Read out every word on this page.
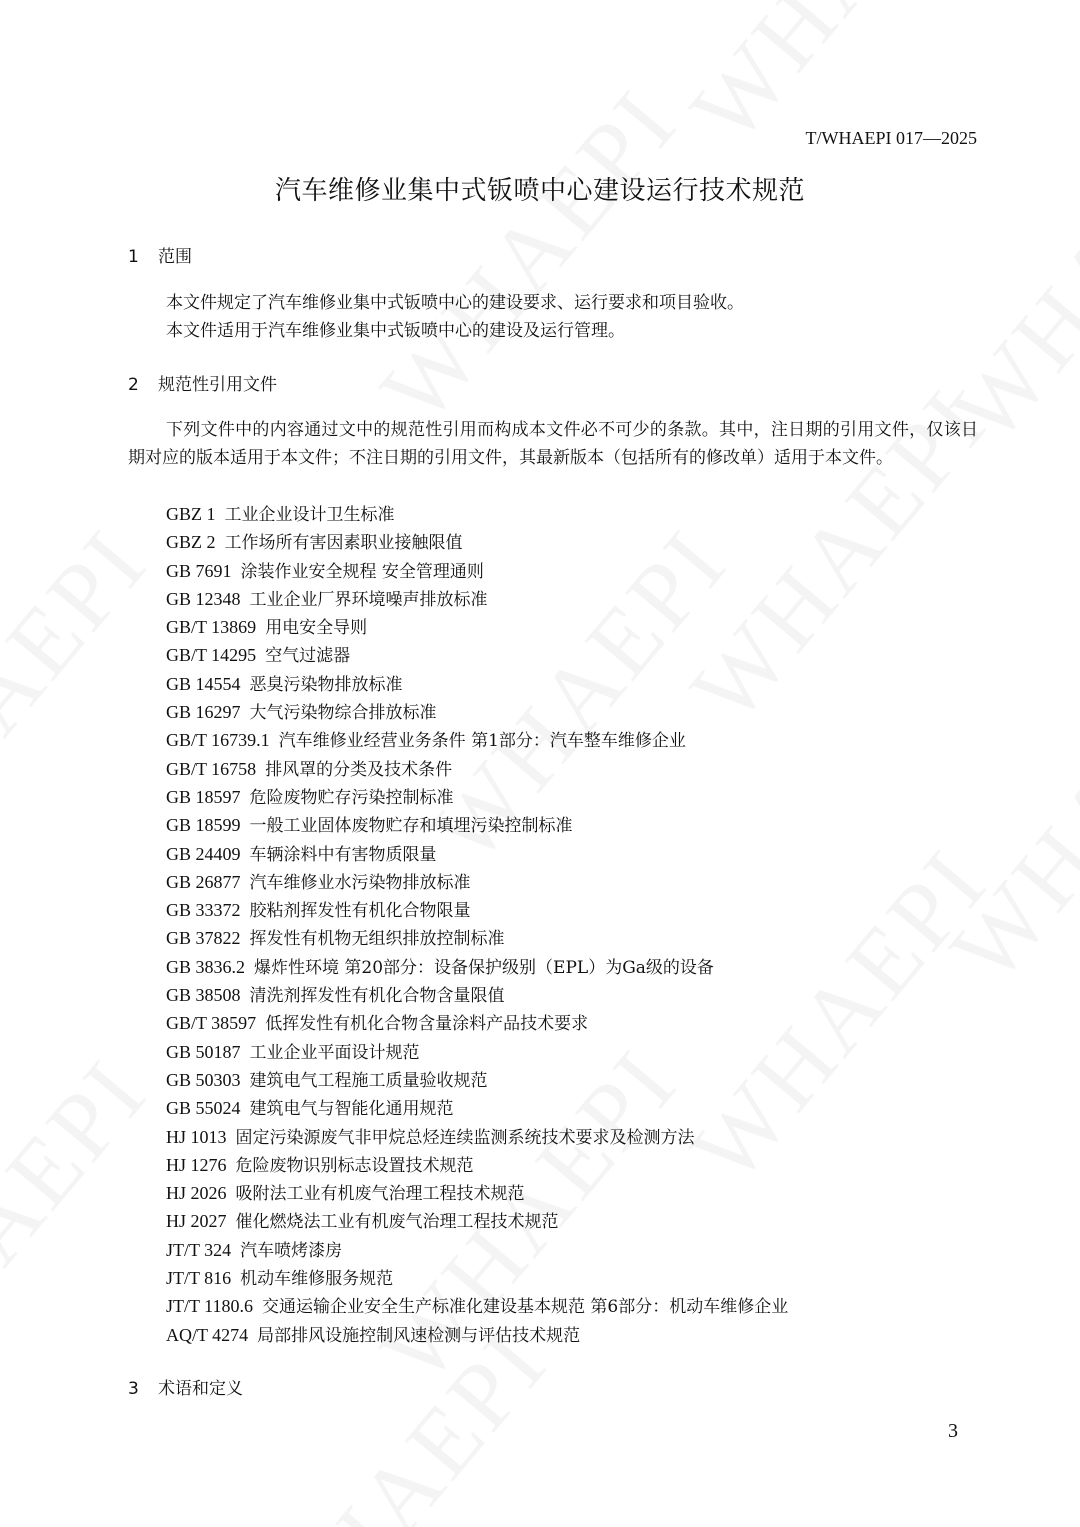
T/WHAEPI 017—2025
汽车维修业集中式钣喷中心建设运行技术规范
1 范围
本文件规定了汽车维修业集中式钣喷中心的建设要求、运行要求和项目验收。
本文件适用于汽车维修业集中式钣喷中心的建设及运行管理。
2 规范性引用文件
下列文件中的内容通过文中的规范性引用而构成本文件必不可少的条款。其中，注日期的引用文件，仅该日期对应的版本适用于本文件；不注日期的引用文件，其最新版本（包括所有的修改单）适用于本文件。
GBZ 1 工业企业设计卫生标准
GBZ 2 工作场所有害因素职业接触限值
GB 7691 涂装作业安全规程 安全管理通则
GB 12348 工业企业厂界环境噪声排放标准
GB/T 13869 用电安全导则
GB/T 14295 空气过滤器
GB 14554 恶臭污染物排放标准
GB 16297 大气污染物综合排放标准
GB/T 16739.1 汽车维修业经营业务条件 第1部分：汽车整车维修企业
GB/T 16758 排风罩的分类及技术条件
GB 18597 危险废物贮存污染控制标准
GB 18599 一般工业固体废物贮存和填埋污染控制标准
GB 24409 车辆涂料中有害物质限量
GB 26877 汽车维修业水污染物排放标准
GB 33372 胶粘剂挥发性有机化合物限量
GB 37822 挥发性有机物无组织排放控制标准
GB 3836.2 爆炸性环境 第20部分：设备保护级别（EPL）为Ga级的设备
GB 38508 清洗剂挥发性有机化合物含量限值
GB/T 38597 低挥发性有机化合物含量涂料产品技术要求
GB 50187 工业企业平面设计规范
GB 50303 建筑电气工程施工质量验收规范
GB 55024 建筑电气与智能化通用规范
HJ 1013 固定污染源废气非甲烷总烃连续监测系统技术要求及检测方法
HJ 1276 危险废物识别标志设置技术规范
HJ 2026 吸附法工业有机废气治理工程技术规范
HJ 2027 催化燃烧法工业有机废气治理工程技术规范
JT/T 324 汽车喷烤漆房
JT/T 816 机动车维修服务规范
JT/T 1180.6 交通运输企业安全生产标准化建设基本规范 第6部分：机动车维修企业
AQ/T 4274 局部排风设施控制风速检测与评估技术规范
3 术语和定义
3
